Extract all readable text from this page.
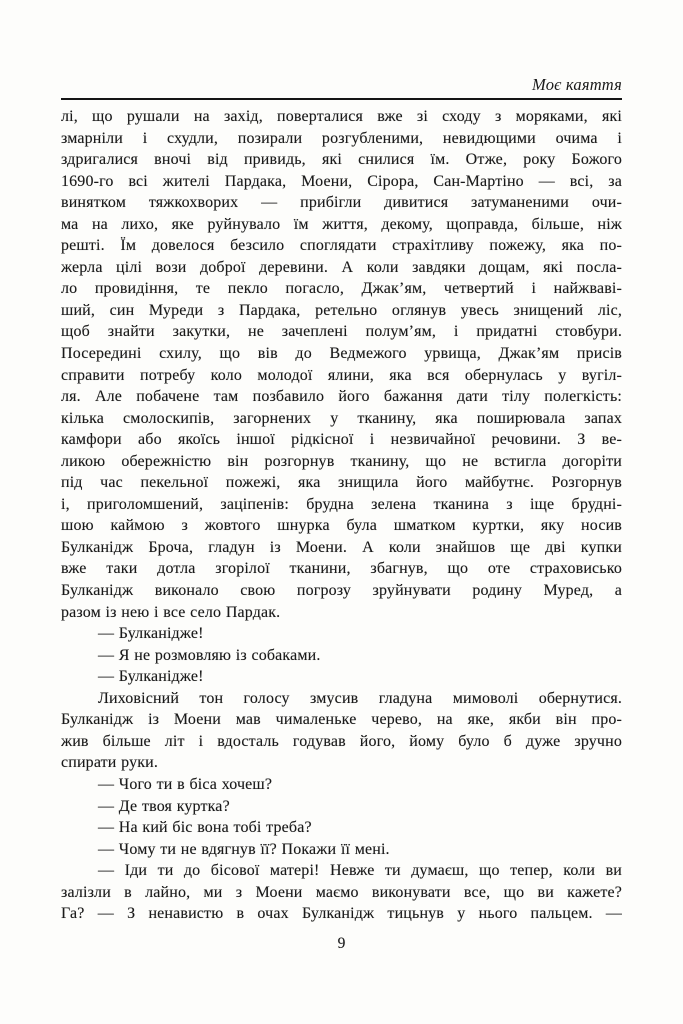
Моє каяття
лі, що рушали на захід, поверталися вже зі сходу з моряками, які
змарніли і схудли, позирали розгубленими, невидющими очима і
здригалися вночі від привидь, які снилися їм. Отже, року Божого
1690-го всі жителі Пардака, Моени, Сірора, Сан-Мартіно — всі, за
винятком тяжкохворих — прибігли дивитися затуманеними очи-
ма на лихо, яке руйнувало їм життя, декому, щоправда, більше, ніж
решті. Їм довелося безсило споглядати страхітливу пожежу, яка по-
жерла цілі вози доброї деревини. А коли завдяки дощам, які посла-
ло провидіння, те пекло погасло, Джак’ям, четвертий і найжваві-
ший, син Муреди з Пардака, ретельно оглянув увесь знищений ліс,
щоб знайти закутки, не зачеплені полум’ям, і придатні стовбури.
Посередині схилу, що вів до Ведмежого урвища, Джак’ям присів
справити потребу коло молодої ялини, яка вся обернулась у вугіл-
ля. Але побачене там позбавило його бажання дати тілу полегкість:
кілька смолоскипів, загорнених у тканину, яка поширювала запах
камфори або якоїсь іншої рідкісної і незвичайної речовини. З ве-
ликою обережністю він розгорнув тканину, що не встигла догоріти
під час пекельної пожежі, яка знищила його майбутнє. Розгорнув
і, приголомшений, заціпенів: брудна зелена тканина з іще брудні-
шою каймою з жовтого шнурка була шматком куртки, яку носив
Булканідж Броча, гладун із Моени. А коли знайшов ще дві купки
вже таки дотла згорілої тканини, збагнув, що оте страховисько
Булканідж виконало свою погрозу зруйнувати родину Муред, а
разом із нею і все село Пардак.
— Булканідже!
— Я не розмовляю із собаками.
— Булканідже!
Лиховісний тон голосу змусив гладуна мимоволі обернутися.
Булканідж із Моени мав чималеньке черево, на яке, якби він про-
жив більше літ і вдосталь годував його, йому було б дуже зручно
спирати руки.
— Чого ти в біса хочеш?
— Де твоя куртка?
— На кий біс вона тобі треба?
— Чому ти не вдягнув її? Покажи її мені.
— Іди ти до бісової матері! Невже ти думаєш, що тепер, коли ви
залізли в лайно, ми з Моени маємо виконувати все, що ви кажете?
Га? — З ненавистю в очах Булканідж тицьнув у нього пальцем. —
9
